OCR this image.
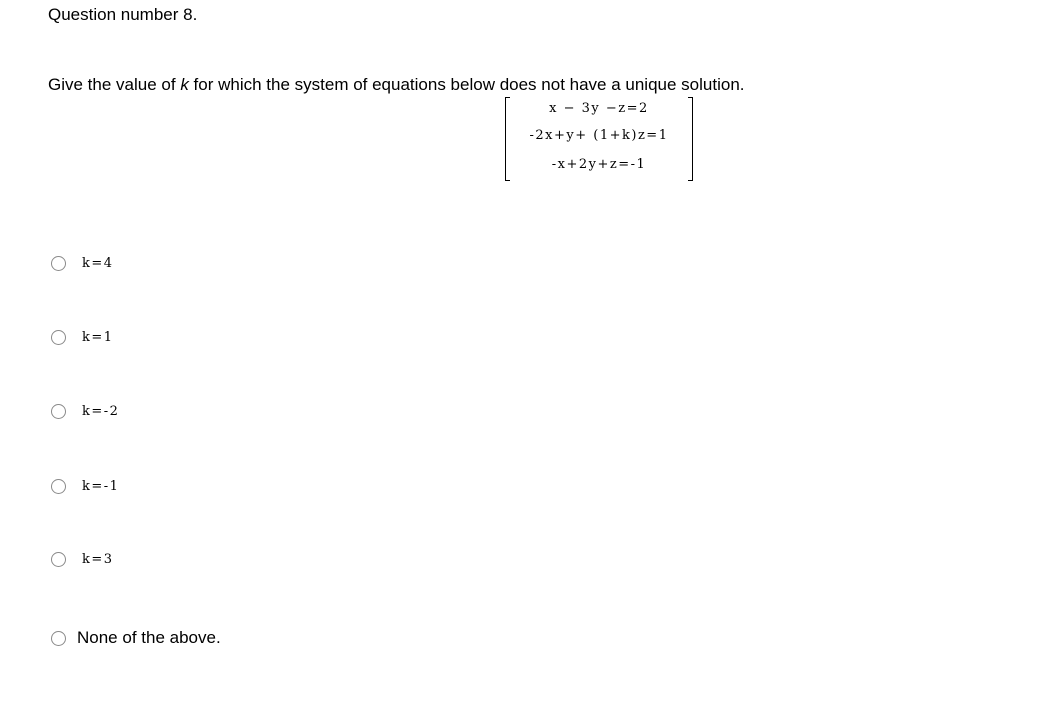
Question number 8.
Give the value of k for which the system of equations below does not have a unique solution.
x − 3y −z=2
-2x+y+ (1+k)z=1
-x+2y+z=-1
k=4
k=1
k=-2
k=-1
k=3
None of the above.
